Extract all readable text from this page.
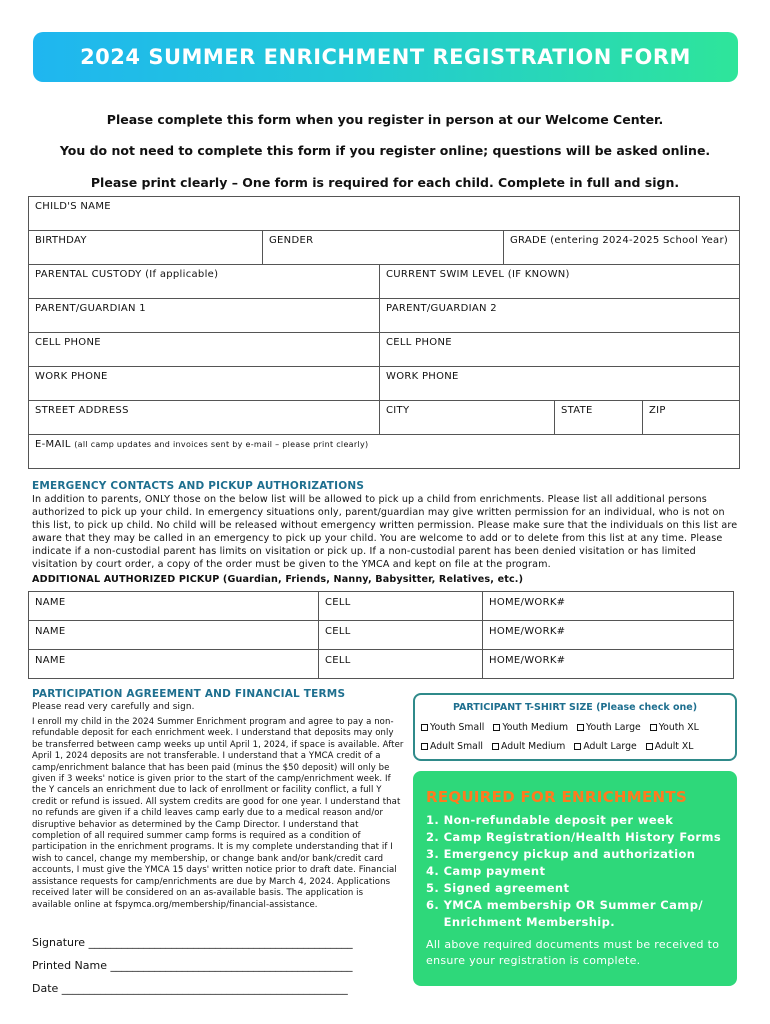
2024 SUMMER ENRICHMENT REGISTRATION FORM
Please complete this form when you register in person at our Welcome Center.
You do not need to complete this form if you register online; questions will be asked online.
Please print clearly – One form is required for each child. Complete in full and sign.
CHILD'S NAME
BIRTHDAY	GENDER	GRADE (entering 2024-2025 School Year)
PARENTAL CUSTODY (If applicable)	CURRENT SWIM LEVEL (IF KNOWN)		
PARENT/GUARDIAN 1	PARENT/GUARDIAN 2		
CELL PHONE	CELL PHONE		
WORK PHONE	WORK PHONE		
STREET ADDRESS	CITY	STATE	ZIP
E-MAIL (all camp updates and invoices sent by e-mail – please print clearly)			
EMERGENCY CONTACTS AND PICKUP AUTHORIZATIONS
In addition to parents, ONLY those on the below list will be allowed to pick up a child from enrichments. Please list all additional persons authorized to pick up your child. In emergency situations only, parent/guardian may give written permission for an individual, who is not on this list, to pick up child. No child will be released without emergency written permission. Please make sure that the individuals on this list are aware that they may be called in an emergency to pick up your child. You are welcome to add or to delete from this list at any time. Please indicate if a non-custodial parent has limits on visitation or pick up. If a non-custodial parent has been denied visitation or has limited visitation by court order, a copy of the order must be given to the YMCA and kept on file at the program.
ADDITIONAL AUTHORIZED PICKUP (Guardian, Friends, Nanny, Babysitter, Relatives, etc.)
NAME	CELL	HOME/WORK#
NAME	CELL	HOME/WORK#
NAME	CELL	HOME/WORK#
PARTICIPATION AGREEMENT AND FINANCIAL TERMS
Please read very carefully and sign.
I enroll my child in the 2024 Summer Enrichment program and agree to pay a non-refundable deposit for each enrichment week. I understand that deposits may only be transferred between camp weeks up until April 1, 2024, if space is available. After April 1, 2024 deposits are not transferable. I understand that a YMCA credit of a camp/enrichment balance that has been paid (minus the $50 deposit) will only be given if 3 weeks' notice is given prior to the start of the camp/enrichment week. If the Y cancels an enrichment due to lack of enrollment or facility conflict, a full Y credit or refund is issued. All system credits are good for one year. I understand that no refunds are given if a child leaves camp early due to a medical reason and/or disruptive behavior as determined by the Camp Director. I understand that completion of all required summer camp forms is required as a condition of participation in the enrichment programs. It is my complete understanding that if I wish to cancel, change my membership, or change bank and/or bank/credit card accounts, I must give the YMCA 15 days' written notice prior to draft date. Financial assistance requests for camp/enrichments are due by March 4, 2024. Applications received later will be considered on an as-available basis. The application is available online at fspymca.org/membership/financial-assistance.
Signature ________________________________________________
Printed Name ____________________________________________
Date ____________________________________________________
PARTICIPANT T-SHIRT SIZE (Please check one)
Youth Small Youth Medium Youth Large Youth XL
Adult Small Adult Medium Adult Large Adult XL
REQUIRED FOR ENRICHMENTS
1. Non-refundable deposit per week
2. Camp Registration/Health History Forms
3. Emergency pickup and authorization
4. Camp payment
5. Signed agreement
6. YMCA membership OR Summer Camp/
Enrichment Membership.
All above required documents must be received to ensure your registration is complete.
